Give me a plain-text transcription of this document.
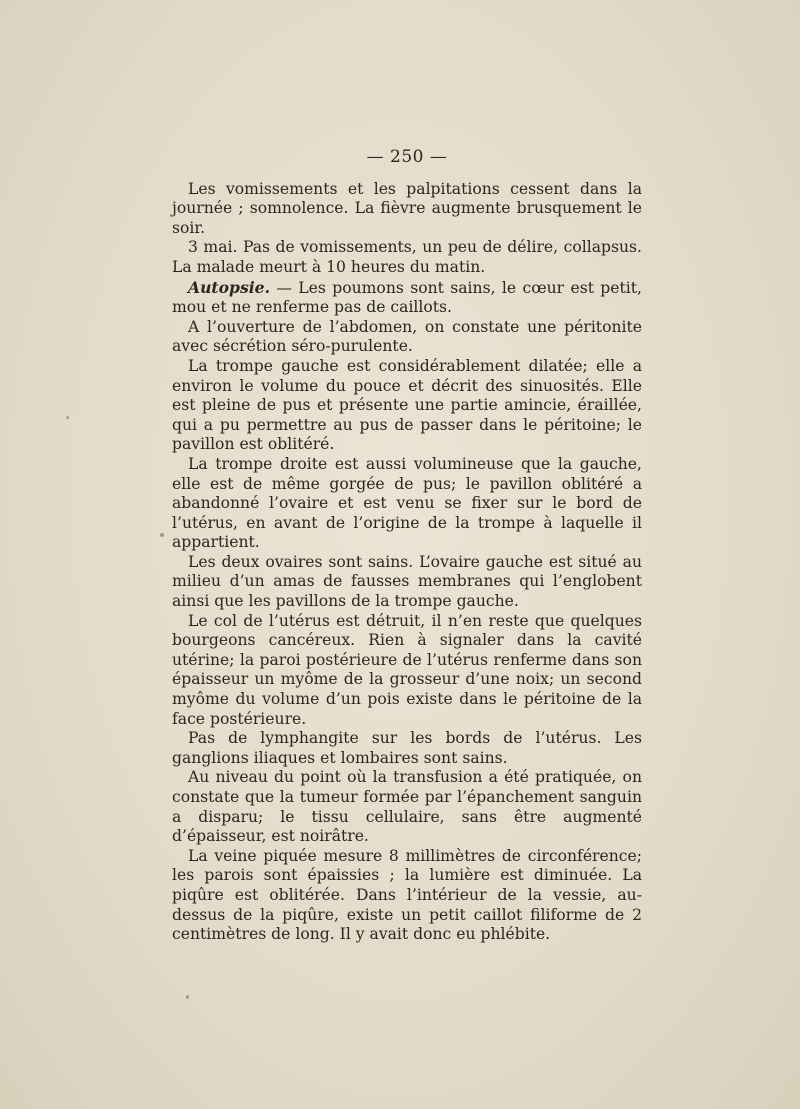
— 250 —

Les vomissements et les palpitations cessent dans la journée ; somnolence. La fièvre augmente brusquement le soir.

3 mai. Pas de vomissements, un peu de délire, collapsus. La malade meurt à 10 heures du matin.

Autopsie. — Les poumons sont sains, le cœur est petit, mou et ne renferme pas de caillots.

A l’ouverture de l’abdomen, on constate une péritonite avec sécrétion séro-purulente.

La trompe gauche est considérablement dilatée; elle a environ le volume du pouce et décrit des sinuosités. Elle est pleine de pus et présente une partie amincie, éraillée, qui a pu permettre au pus de passer dans le péritoine; le pavillon est oblitéré.

La trompe droite est aussi volumineuse que la gauche, elle est de même gorgée de pus; le pavillon oblitéré a abandonné l’ovaire et est venu se fixer sur le bord de l’utérus, en avant de l’origine de la trompe à laquelle il appartient.

Les deux ovaires sont sains. L’ovaire gauche est situé au milieu d’un amas de fausses membranes qui l’englobent ainsi que les pavillons de la trompe gauche.

Le col de l’utérus est détruit, il n’en reste que quelques bourgeons cancéreux. Rien à signaler dans la cavité utérine; la paroi postérieure de l’utérus renferme dans son épaisseur un myôme de la grosseur d’une noix; un second myôme du volume d’un pois existe dans le péritoine de la face postérieure.

Pas de lymphangite sur les bords de l’utérus. Les ganglions iliaques et lombaires sont sains.

Au niveau du point où la transfusion a été pratiquée, on constate que la tumeur formée par l’épanchement sanguin a disparu; le tissu cellulaire, sans être augmenté d’épaisseur, est noirâtre.

La veine piquée mesure 8 millimètres de circonférence; les parois sont épaissies ; la lumière est diminuée. La piqûre est oblitérée. Dans l’intérieur de la vessie, au-dessus de la piqûre, existe un petit caillot filiforme de 2 centimètres de long. Il y avait donc eu phlébite.
